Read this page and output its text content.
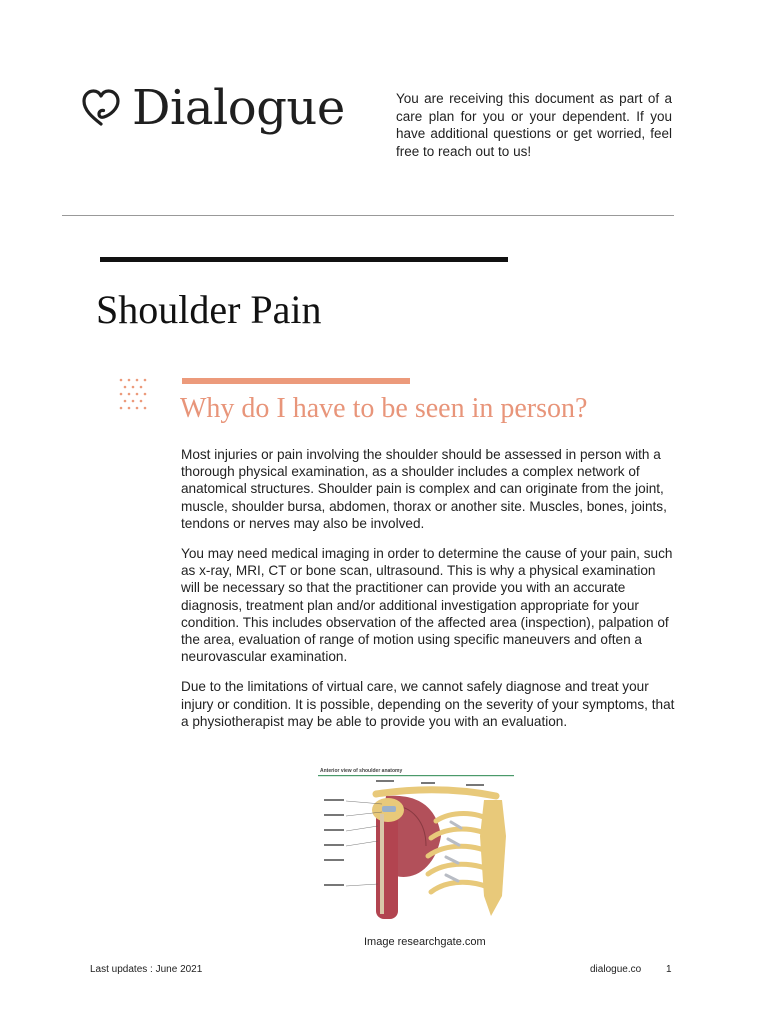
Dialogue	You are receiving this document as part of a care plan for you or your dependent. If you have additional questions or get worried, feel free to reach out to us!
Shoulder Pain
Why do I have to be seen in person?

Most injuries or pain involving the shoulder should be assessed in person with a thorough physical examination, as a shoulder includes a complex network of anatomical structures. Shoulder pain is complex and can originate from the joint, muscle, shoulder bursa, abdomen, thorax or another site. Muscles, bones, joints, tendons or nerves may also be involved.

You may need medical imaging in order to determine the cause of your pain, such as x-ray, MRI, CT or bone scan, ultrasound. This is why a physical examination will be necessary so that the practitioner can provide you with an accurate diagnosis, treatment plan and/or additional investigation appropriate for your condition. This includes observation of the affected area (inspection), palpation of the area, evaluation of range of motion using specific maneuvers and often a neurovascular examination.

Due to the limitations of virtual care, we cannot safely diagnose and treat your injury or condition. It is possible, depending on the severity of your symptoms, that a physiotherapist may be able to provide you with an evaluation.

Anterior view of shoulder anatomy
Image researchgate.com
Last updates : June 2021	dialogue.co 1
